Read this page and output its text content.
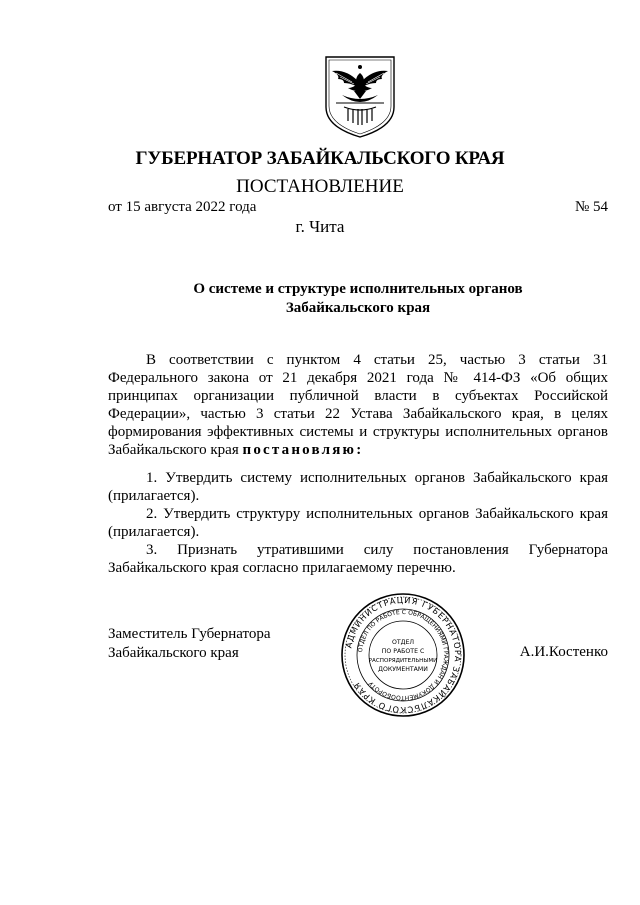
ГУБЕРНАТОР ЗАБАЙКАЛЬСКОГО КРАЯ
ПОСТАНОВЛЕНИЕ
от 15 августа 2022 года	№ 54
г. Чита
О системе и структуре исполнительных органов
Забайкальского края

В соответствии с пунктом 4 статьи 25, частью 3 статьи 31 Федерального закона от 21 декабря 2021 года № 414-ФЗ «Об общих принципах организации публичной власти в субъектах Российской Федерации», частью 3 статьи 22 Устава Забайкальского края, в целях формирования эффективных системы и структуры исполнительных органов Забайкальского края постановляю:

1. Утвердить систему исполнительных органов Забайкальского края (прилагается).

2. Утвердить структуру исполнительных органов Забайкальского края (прилагается).

3. Признать утратившими силу постановления Губернатора Забайкальского края согласно прилагаемому перечню.

Заместитель Губернатора
Забайкальского края	А.И.Костенко
АДМИНИСТРАЦИЯ ГУБЕРНАТОРА ЗАБАЙКАЛЬСКОГО КРАЯ
ОТДЕЛ ПО РАБОТЕ С ОБРАЩЕНИЯМИ ГРАЖДАН И ДОКУМЕНТООБОРОТУ
ОТДЕЛ
ПО РАБОТЕ С
РАСПОРЯДИТЕЛЬНЫМИ
ДОКУМЕНТАМИ
